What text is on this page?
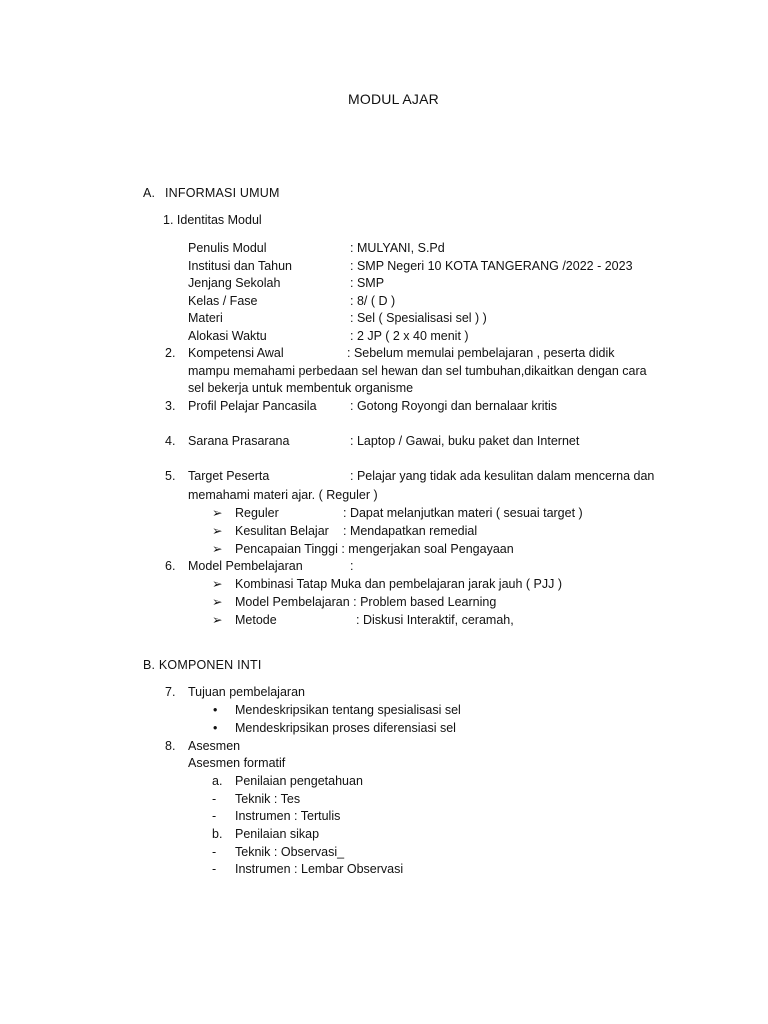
MODUL AJAR
A. INFORMASI UMUM
1. Identitas Modul
Penulis Modul	: MULYANI, S.Pd
Institusi dan Tahun	: SMP Negeri 10 KOTA TANGERANG /2022 - 2023
Jenjang Sekolah	: SMP
Kelas / Fase	: 8/ ( D )
Materi	: Sel ( Spesialisasi sel ) )
Alokasi Waktu	: 2 JP ( 2 x 40 menit )
2. Kompetensi Awal	: Sebelum memulai pembelajaran , peserta didik
mampu memahami perbedaan sel hewan dan sel tumbuhan,dikaitkan dengan cara
sel bekerja untuk membentuk organisme
3. Profil Pelajar Pancasila	: Gotong Royongi dan bernalaar kritis
4. Sarana Prasarana	: Laptop / Gawai, buku paket dan Internet
5. Target Peserta	: Pelajar yang tidak ada kesulitan dalam mencerna dan
memahami materi ajar. ( Reguler )
➢ Reguler	: Dapat melanjutkan materi ( sesuai target )
➢ Kesulitan Belajar : Mendapatkan remedial
➢ Pencapaian Tinggi : mengerjakan soal Pengayaan
6. Model Pembelajaran	:
➢ Kombinasi Tatap Muka dan pembelajaran jarak jauh ( PJJ )
➢ Model Pembelajaran : Problem based Learning
➢ Metode	: Diskusi Interaktif, ceramah,
B. KOMPONEN INTI
7. Tujuan pembelajaran
• Mendeskripsikan tentang spesialisasi sel
• Mendeskripsikan proses diferensiasi sel
8. Asesmen
Asesmen formatif
a. Penilaian pengetahuan
- Teknik : Tes
- Instrumen : Tertulis
b. Penilaian sikap
- Teknik : Observasi_
- Instrumen : Lembar Observasi
